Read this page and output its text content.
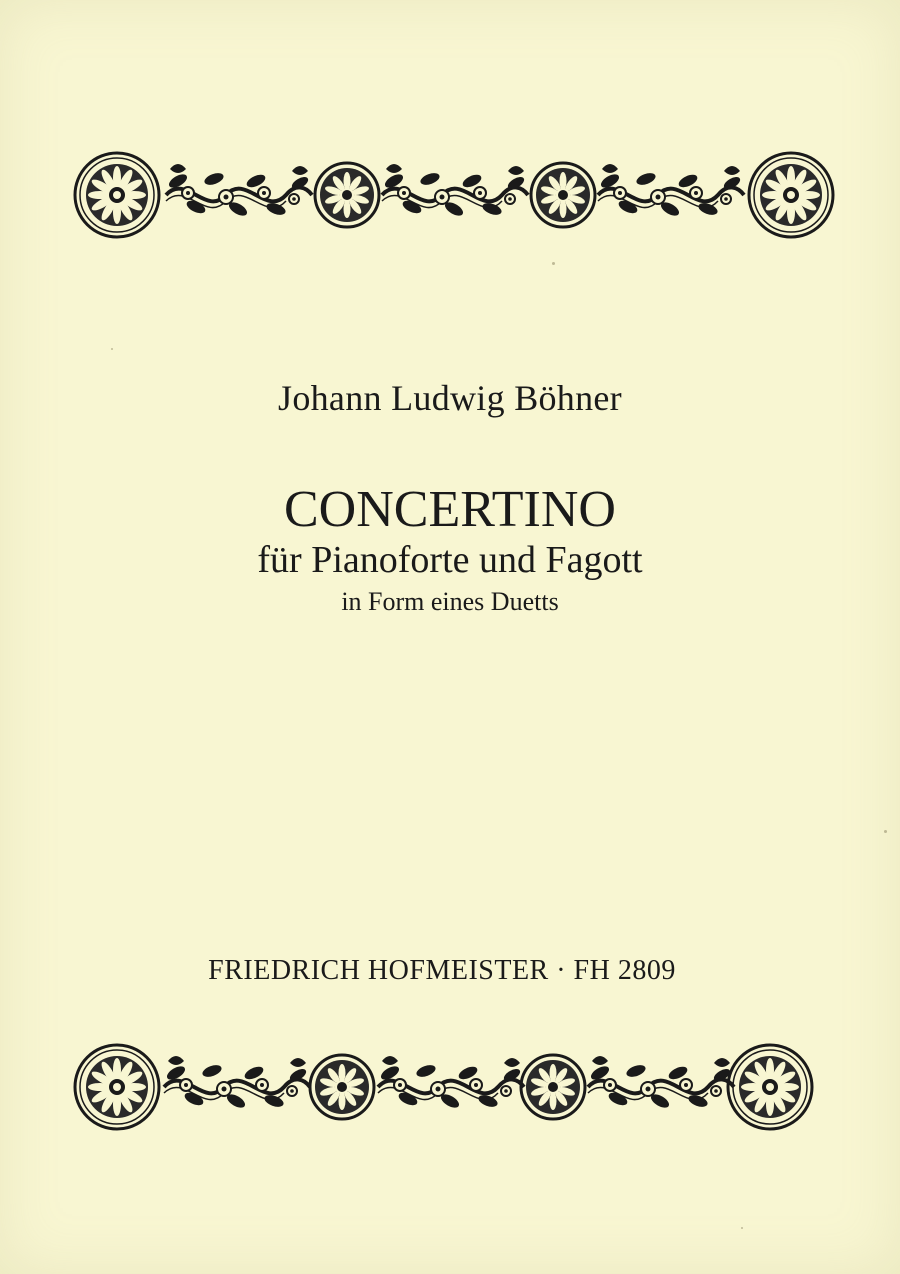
Johann Ludwig Böhner
CONCERTINO
für Pianoforte und Fagott
in Form eines Duetts
FRIEDRICH HOFMEISTER · FH 2809
